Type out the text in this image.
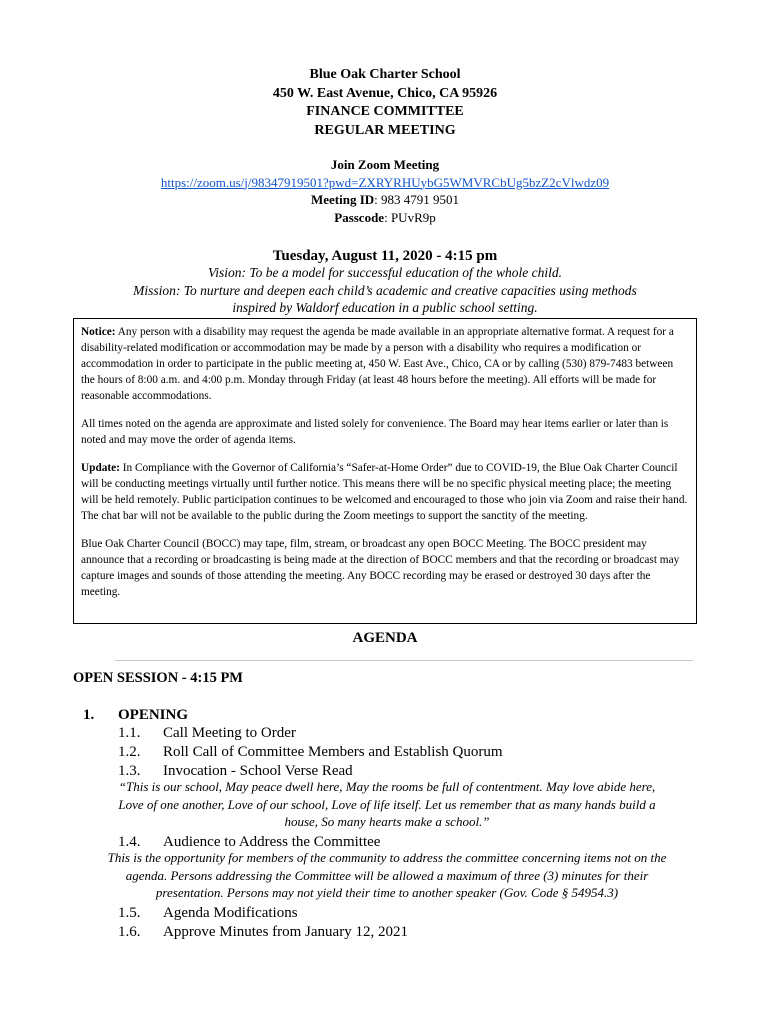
Blue Oak Charter School
450 W. East Avenue, Chico, CA 95926
FINANCE COMMITTEE
REGULAR MEETING
Join Zoom Meeting
https://zoom.us/j/98347919501?pwd=ZXRYRHUybG5WMVRCbUg5bzZ2cVlwdz09
Meeting ID: 983 4791 9501
Passcode: PUvR9p
Tuesday, August 11, 2020 - 4:15 pm
Vision: To be a model for successful education of the whole child.
Mission: To nurture and deepen each child’s academic and creative capacities using methods
inspired by Waldorf education in a public school setting.

Notice: Any person with a disability may request the agenda be made available in an appropriate alternative format. A request for a disability-related modification or accommodation may be made by a person with a disability who requires a modification or accommodation in order to participate in the public meeting at, 450 W. East Ave., Chico, CA or by calling (530) 879-7483 between the hours of 8:00 a.m. and 4:00 p.m. Monday through Friday (at least 48 hours before the meeting). All efforts will be made for reasonable accommodations.

All times noted on the agenda are approximate and listed solely for convenience. The Board may hear items earlier or later than is noted and may move the order of agenda items.

Update: In Compliance with the Governor of California’s “Safer-at-Home Order” due to COVID-19, the Blue Oak Charter Council will be conducting meetings virtually until further notice. This means there will be no specific physical meeting place; the meeting will be held remotely. Public participation continues to be welcomed and encouraged to those who join via Zoom and raise their hand. The chat bar will not be available to the public during the Zoom meetings to support the sanctity of the meeting.

Blue Oak Charter Council (BOCC) may tape, film, stream, or broadcast any open BOCC Meeting. The BOCC president may announce that a recording or broadcasting is being made at the direction of BOCC members and that the recording or broadcast may capture images and sounds of those attending the meeting. Any BOCC recording may be erased or destroyed 30 days after the meeting.

AGENDA
OPEN SESSION - 4:15 PM
1. OPENING
1.1. Call Meeting to Order
1.2. Roll Call of Committee Members and Establish Quorum
1.3. Invocation - School Verse Read
“This is our school, May peace dwell here, May the rooms be full of contentment. May love abide here,
Love of one another, Love of our school, Love of life itself. Let us remember that as many hands build a
house, So many hearts make a school.”
1.4. Audience to Address the Committee
This is the opportunity for members of the community to address the committee concerning items not on the
agenda. Persons addressing the Committee will be allowed a maximum of three (3) minutes for their
presentation. Persons may not yield their time to another speaker (Gov. Code § 54954.3)
1.5. Agenda Modifications
1.6. Approve Minutes from January 12, 2021
